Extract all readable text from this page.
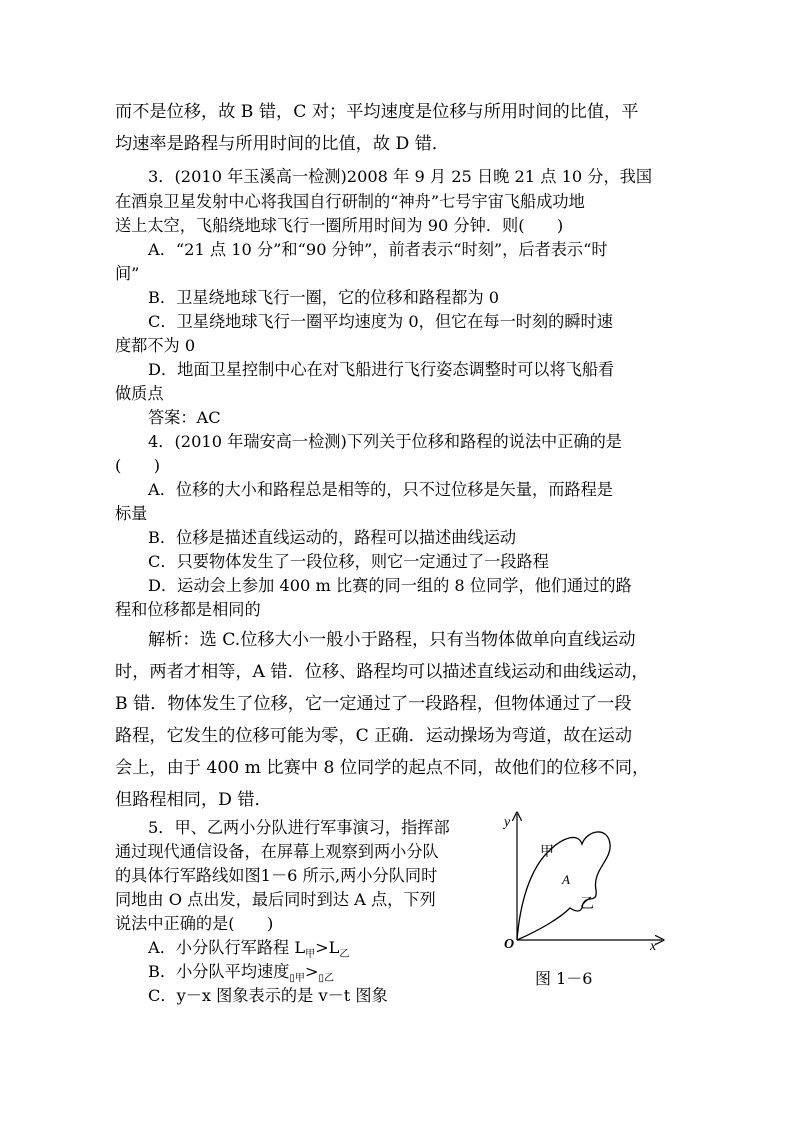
而不是位移，故 B 错，C 对；平均速度是位移与所用时间的比值，平
均速率是路程与所用时间的比值，故 D 错．
3．(2010 年玉溪高一检测)2008 年 9 月 25 日晚 21 点 10 分，我国
在酒泉卫星发射中心将我国自行研制的“神舟”七号宇宙飞船成功地
送上太空，飞船绕地球飞行一圈所用时间为 90 分钟．则(　　)
A．“21 点 10 分”和“90 分钟”，前者表示“时刻”，后者表示“时
间”
B．卫星绕地球飞行一圈，它的位移和路程都为 0
C．卫星绕地球飞行一圈平均速度为 0，但它在每一时刻的瞬时速
度都不为 0
D．地面卫星控制中心在对飞船进行飞行姿态调整时可以将飞船看
做质点
答案：AC
4．(2010 年瑞安高一检测)下列关于位移和路程的说法中正确的是
(　　)
A．位移的大小和路程总是相等的，只不过位移是矢量，而路程是
标量
B．位移是描述直线运动的，路程可以描述曲线运动
C．只要物体发生了一段位移，则它一定通过了一段路程
D．运动会上参加 400 m 比赛的同一组的 8 位同学，他们通过的路
程和位移都是相同的
解析：选 C.位移大小一般小于路程，只有当物体做单向直线运动
时，两者才相等，A 错．位移、路程均可以描述直线运动和曲线运动，
B 错．物体发生了位移，它一定通过了一段路程，但物体通过了一段
路程，它发生的位移可能为零，C 正确．运动操场为弯道，故在运动
会上，由于 400 m 比赛中 8 位同学的起点不同，故他们的位移不同，
但路程相同，D 错．
5．甲、乙两小分队进行军事演习，指挥部
通过现代通信设备，在屏幕上观察到两小分队
的具体行军路线如图1－6 所示,两小分队同时
同地由 O 点出发，最后同时到达 A 点，下列
说法中正确的是(　　)
A．小分队行军路程 $L_甲>L_乙$
B．小分队平均速度$_{▯甲}>_{▯乙}$
C．y－x 图象表示的是 v－t 图象
y
x
O
甲
A
乙
图 1－6
